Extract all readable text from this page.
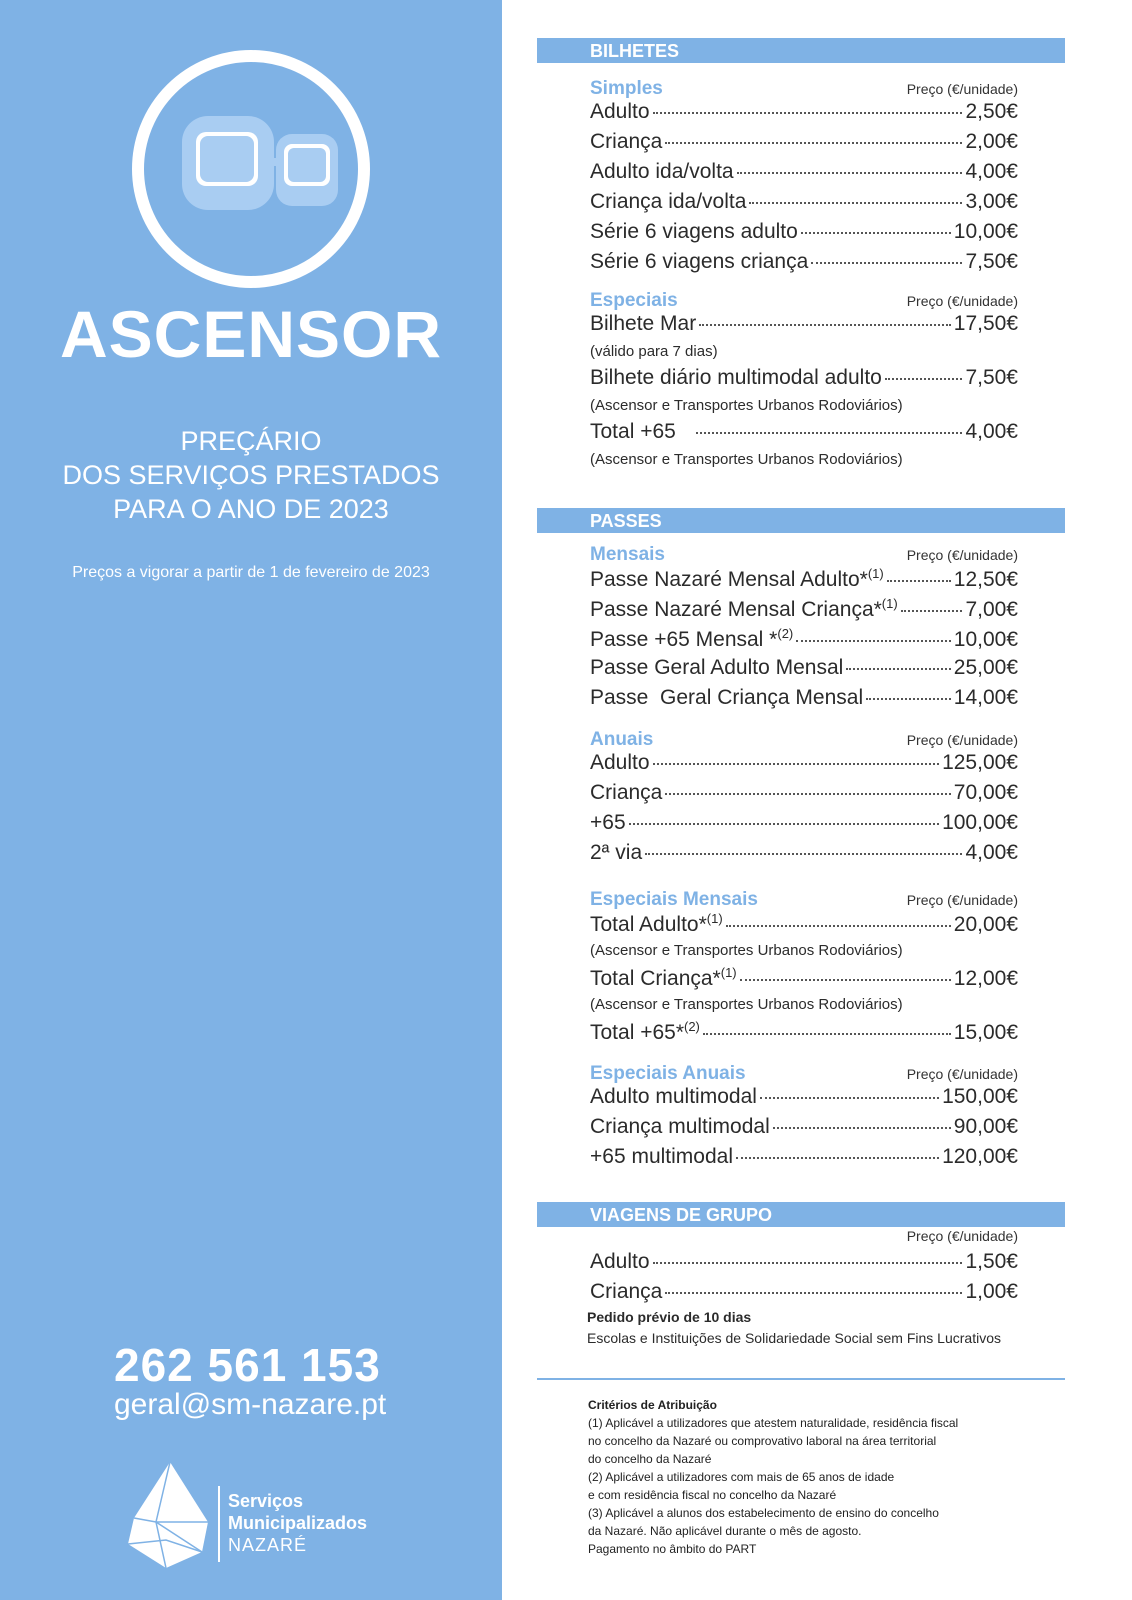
ASCENSOR
PREÇÁRIO
DOS SERVIÇOS PRESTADOS
PARA O ANO DE 2023
Preços a vigorar a partir de 1 de fevereiro de 2023
262 561 153
geral@sm-nazare.pt
Serviços
Municipalizados
NAZARÉ
BILHETES
Simples	Preço (€/unidade)
Adulto	2,50€
Criança	2,00€
Adulto ida/volta	4,00€
Criança ida/volta	3,00€
Série 6 viagens adulto	10,00€
Série 6 viagens criança	7,50€
Especiais	Preço (€/unidade)
Bilhete Mar	17,50€
(válido para 7 dias)
Bilhete diário multimodal adulto	7,50€
(Ascensor e Transportes Urbanos Rodoviários)
Total +65	4,00€
(Ascensor e Transportes Urbanos Rodoviários)
PASSES
Mensais	Preço (€/unidade)
Passe Nazaré Mensal Adulto*$^{(1)}$	12,50€
Passe Nazaré Mensal Criança*$^{(1)}$	7,00€
Passe +65 Mensal *$^{(2)}$	10,00€
Passe Geral Adulto Mensal	25,00€
Passe  Geral Criança Mensal	14,00€
Anuais	Preço (€/unidade)
Adulto	125,00€
Criança	70,00€
+65	100,00€
2ª via	4,00€
Especiais Mensais	Preço (€/unidade)
Total Adulto*$^{(1)}$	20,00€
(Ascensor e Transportes Urbanos Rodoviários)
Total Criança*$^{(1)}$	12,00€
(Ascensor e Transportes Urbanos Rodoviários)
Total +65*$^{(2)}$	15,00€
Especiais Anuais	Preço (€/unidade)
Adulto multimodal	150,00€
Criança multimodal	90,00€
+65 multimodal	120,00€
VIAGENS DE GRUPO
Preço (€/unidade)
Adulto	1,50€
Criança	1,00€
Pedido prévio de 10 dias
Escolas e Instituições de Solidariedade Social sem Fins Lucrativos
Critérios de Atribuição
(1) Aplicável a utilizadores que atestem naturalidade, residência fiscal
no concelho da Nazaré ou comprovativo laboral na área territorial
do concelho da Nazaré
(2) Aplicável a utilizadores com mais de 65 anos de idade
e com residência fiscal no concelho da Nazaré
(3) Aplicável a alunos dos estabelecimento de ensino do concelho
da Nazaré. Não aplicável durante o mês de agosto.
Pagamento no âmbito do PART
